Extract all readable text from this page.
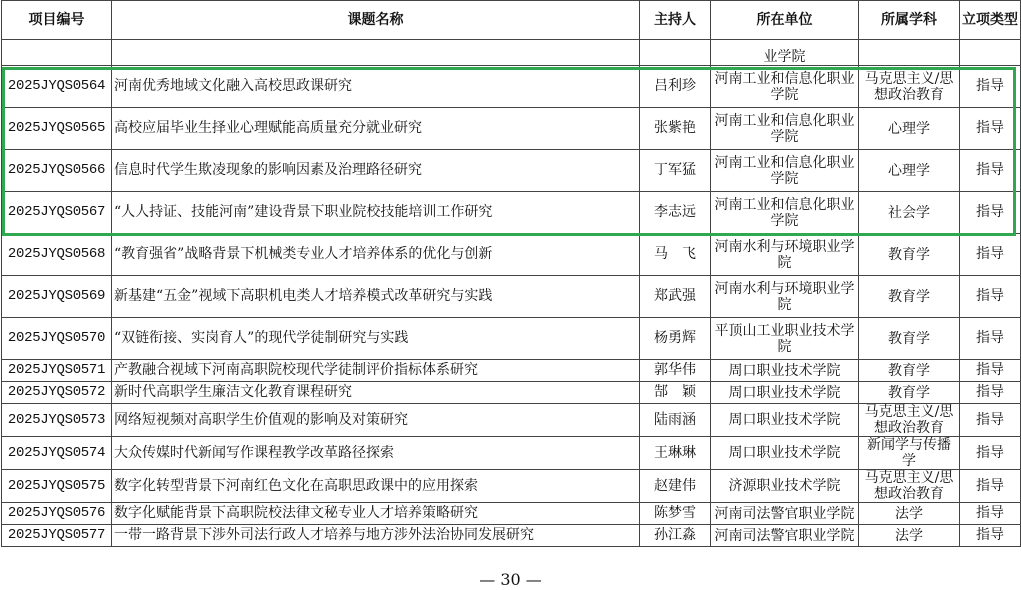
项目编号	课题名称	主持人	所在单位	所属学科	立项类型
			业学院		
2025JYQS0564	河南优秀地域文化融入高校思政课研究	吕利珍	河南工业和信息化职业学院	马克思主义/思想政治教育	指导
2025JYQS0565	高校应届毕业生择业心理赋能高质量充分就业研究	张紫艳	河南工业和信息化职业学院	心理学	指导
2025JYQS0566	信息时代学生欺凌现象的影响因素及治理路径研究	丁军猛	河南工业和信息化职业学院	心理学	指导
2025JYQS0567	“人人持证、技能河南”建设背景下职业院校技能培训工作研究	李志远	河南工业和信息化职业学院	社会学	指导
2025JYQS0568	“教育强省”战略背景下机械类专业人才培养体系的优化与创新	马　飞	河南水利与环境职业学院	教育学	指导
2025JYQS0569	新基建“五金”视域下高职机电类人才培养模式改革研究与实践	郑武强	河南水利与环境职业学院	教育学	指导
2025JYQS0570	“双链衔接、实岗育人”的现代学徒制研究与实践	杨勇辉	平顶山工业职业技术学院	教育学	指导
2025JYQS0571	产教融合视域下河南高职院校现代学徒制评价指标体系研究	郭华伟	周口职业技术学院	教育学	指导
2025JYQS0572	新时代高职学生廉洁文化教育课程研究	郜　颖	周口职业技术学院	教育学	指导
2025JYQS0573	网络短视频对高职学生价值观的影响及对策研究	陆雨涵	周口职业技术学院	马克思主义/思想政治教育	指导
2025JYQS0574	大众传媒时代新闻写作课程教学改革路径探索	王琳琳	周口职业技术学院	新闻学与传播学	指导
2025JYQS0575	数字化转型背景下河南红色文化在高职思政课中的应用探索	赵建伟	济源职业技术学院	马克思主义/思想政治教育	指导
2025JYQS0576	数字化赋能背景下高职院校法律文秘专业人才培养策略研究	陈梦雪	河南司法警官职业学院	法学	指导
2025JYQS0577	一带一路背景下涉外司法行政人才培养与地方涉外法治协同发展研究	孙江淼	河南司法警官职业学院	法学	指导
— 30 —
